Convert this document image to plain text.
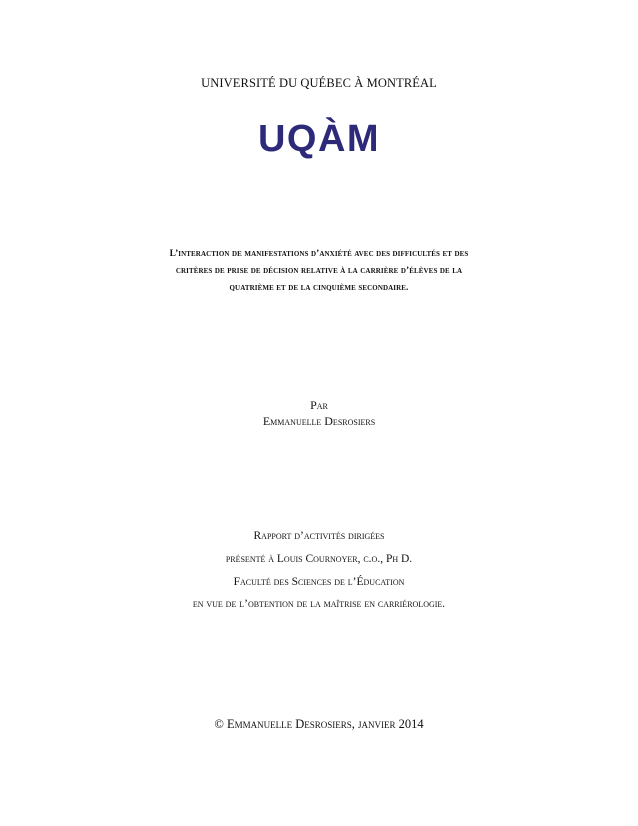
UNIVERSITÉ DU QUÉBEC À MONTRÉAL
UQÀM
L’interaction de manifestations d’anxiété avec des difficultés et des
critères de prise de décision relative à la carrière d’élèves de la
quatrième et de la cinquième secondaire.
Par
Emmanuelle Desrosiers
Rapport d’activités dirigées
présenté à Louis Cournoyer, c.o., Ph D.
Faculté des Sciences de l’Éducation
en vue de l’obtention de la maîtrise en carriérologie.
© Emmanuelle Desrosiers, janvier 2014
